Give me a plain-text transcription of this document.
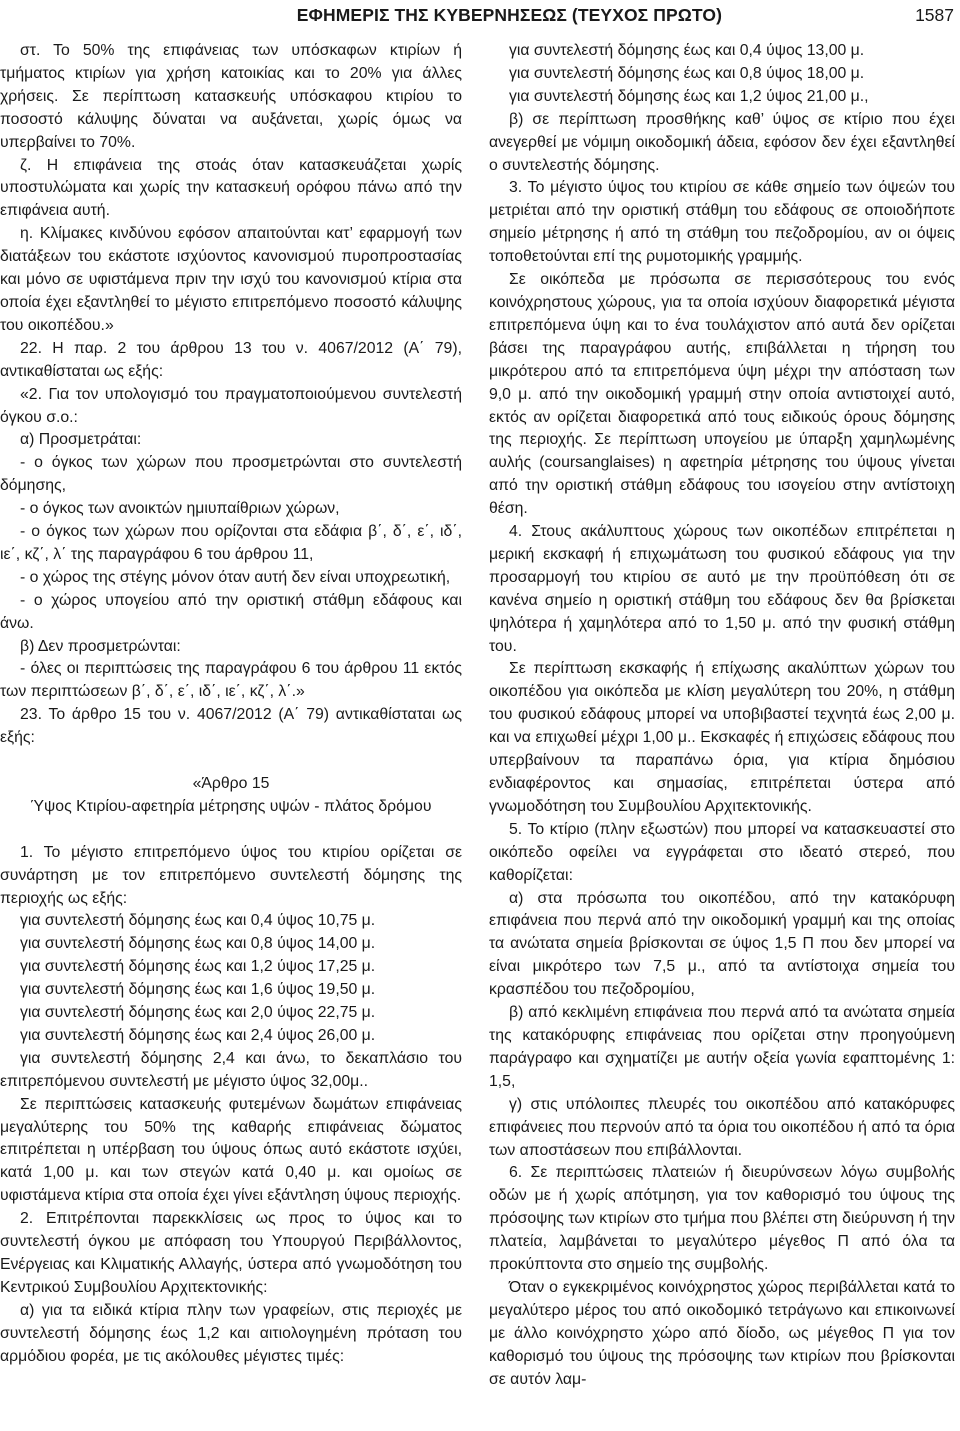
ΕΦΗΜΕΡΙΣ ΤΗΣ ΚΥΒΕΡΝΗΣΕΩΣ (ΤΕΥΧΟΣ ΠΡΩΤΟ)	1587

στ. Το 50% της επιφάνειας των υπόσκαφων κτιρίων ή τμήματος κτιρίων για χρήση κατοικίας και το 20% για άλλες χρήσεις. Σε περίπτωση κατασκευής υπόσκαφου κτιρίου το ποσοστό κάλυψης δύναται να αυξάνεται, χωρίς όμως να υπερβαίνει το 70%.

ζ. Η επιφάνεια της στοάς όταν κατασκευάζεται χωρίς υποστυλώματα και χωρίς την κατασκευή ορόφου πάνω από την επιφάνεια αυτή.

η. Κλίμακες κινδύνου εφόσον απαιτούνται κατ’ εφαρμογή των διατάξεων του εκάστοτε ισχύοντος κανονισμού πυροπροστασίας και μόνο σε υφιστάμενα πριν την ισχύ του κανονισμού κτίρια στα οποία έχει εξαντληθεί το μέγιστο επιτρεπόμενο ποσοστό κάλυψης του οικοπέδου.»

22. Η παρ. 2 του άρθρου 13 του ν. 4067/2012 (Α΄ 79), αντικαθίσταται ως εξής:

«2. Για τον υπολογισμό του πραγματοποιούμενου συντελεστή όγκου σ.ο.:

α) Προσμετράται:

- ο όγκος των χώρων που προσμετρώνται στο συντελεστή δόμησης,

- ο όγκος των ανοικτών ημιυπαίθριων χώρων,

- ο όγκος των χώρων που ορίζονται στα εδάφια β΄, δ΄, ε΄, ιδ΄, ιε΄, κζ΄, λ΄ της παραγράφου 6 του άρθρου 11,

- ο χώρος της στέγης μόνον όταν αυτή δεν είναι υποχρεωτική,

- ο χώρος υπογείου από την οριστική στάθμη εδάφους και άνω.

β) Δεν προσμετρώνται:

- όλες οι περιπτώσεις της παραγράφου 6 του άρθρου 11 εκτός των περιπτώσεων β΄, δ΄, ε΄, ιδ΄, ιε΄, κζ΄, λ΄.»

23. Το άρθρο 15 του ν. 4067/2012 (Α΄ 79) αντικαθίσταται ως εξής:

«Άρθρο 15

Ύψος Κτιρίου-αφετηρία μέτρησης υψών - πλάτος δρόμου

1. Το μέγιστο επιτρεπόμενο ύψος του κτιρίου ορίζεται σε συνάρτηση με τον επιτρεπόμενο συντελεστή δόμησης της περιοχής ως εξής:

για συντελεστή δόμησης έως και 0,4 ύψος 10,75 μ.

για συντελεστή δόμησης έως και 0,8 ύψος 14,00 μ.

για συντελεστή δόμησης έως και 1,2 ύψος 17,25 μ.

για συντελεστή δόμησης έως και 1,6 ύψος 19,50 μ.

για συντελεστή δόμησης έως και 2,0 ύψος 22,75 μ.

για συντελεστή δόμησης έως και 2,4 ύψος 26,00 μ.

για συντελεστή δόμησης 2,4 και άνω, το δεκαπλάσιο του επιτρεπόμενου συντελεστή με μέγιστο ύψος 32,00μ..

Σε περιπτώσεις κατασκευής φυτεμένων δωμάτων επιφάνειας μεγαλύτερης του 50% της καθαρής επιφάνειας δώματος επιτρέπεται η υπέρβαση του ύψους όπως αυτό εκάστοτε ισχύει, κατά 1,00 μ. και των στεγών κατά 0,40 μ. και ομοίως σε υφιστάμενα κτίρια στα οποία έχει γίνει εξάντληση ύψους περιοχής.

2. Επιτρέπονται παρεκκλίσεις ως προς το ύψος και το συντελεστή όγκου με απόφαση του Υπουργού Περιβάλλοντος, Ενέργειας και Κλιματικής Αλλαγής, ύστερα από γνωμοδότηση του Κεντρικού Συμβουλίου Αρχιτεκτονικής:

α) για τα ειδικά κτίρια πλην των γραφείων, στις περιοχές με συντελεστή δόμησης έως 1,2 και αιτιολογημένη πρόταση του αρμόδιου φορέα, με τις ακόλουθες μέγιστες τιμές:

για συντελεστή δόμησης έως και 0,4 ύψος 13,00 μ.

για συντελεστή δόμησης έως και 0,8 ύψος 18,00 μ.

για συντελεστή δόμησης έως και 1,2 ύψος 21,00 μ.,

β) σε περίπτωση προσθήκης καθ’ ύψος σε κτίριο που έχει ανεγερθεί με νόμιμη οικοδομική άδεια, εφόσον δεν έχει εξαντληθεί ο συντελεστής δόμησης.

3. Το μέγιστο ύψος του κτιρίου σε κάθε σημείο των όψεών του μετριέται από την οριστική στάθμη του εδάφους σε οποιοδήποτε σημείο μέτρησης ή από τη στάθμη του πεζοδρομίου, αν οι όψεις τοποθετούνται επί της ρυμοτομικής γραμμής.

Σε οικόπεδα με πρόσωπα σε περισσότερους του ενός κοινόχρηστους χώρους, για τα οποία ισχύουν διαφορετικά μέγιστα επιτρεπόμενα ύψη και το ένα τουλάχιστον από αυτά δεν ορίζεται βάσει της παραγράφου αυτής, επιβάλλεται η τήρηση του μικρότερου από τα επιτρεπόμενα ύψη μέχρι την απόσταση των 9,0 μ. από την οικοδομική γραμμή στην οποία αντιστοιχεί αυτό, εκτός αν ορίζεται διαφορετικά από τους ειδικούς όρους δόμησης της περιοχής. Σε περίπτωση υπογείου με ύπαρξη χαμηλωμένης αυλής (coursanglaises) η αφετηρία μέτρησης του ύψους γίνεται από την οριστική στάθμη εδάφους του ισογείου στην αντίστοιχη θέση.

4. Στους ακάλυπτους χώρους των οικοπέδων επιτρέπεται η μερική εκσκαφή ή επιχωμάτωση του φυσικού εδάφους για την προσαρμογή του κτιρίου σε αυτό με την προϋπόθεση ότι σε κανένα σημείο η οριστική στάθμη του εδάφους δεν θα βρίσκεται ψηλότερα ή χαμηλότερα από το 1,50 μ. από την φυσική στάθμη του.

Σε περίπτωση εκσκαφής ή επίχωσης ακαλύπτων χώρων του οικοπέδου για οικόπεδα με κλίση μεγαλύτερη του 20%, η στάθμη του φυσικού εδάφους μπορεί να υποβιβαστεί τεχνητά έως 2,00 μ. και να επιχωθεί μέχρι 1,00 μ.. Εκσκαφές ή επιχώσεις εδάφους που υπερβαίνουν τα παραπάνω όρια, για κτίρια δημόσιου ενδιαφέροντος και σημασίας, επιτρέπεται ύστερα από γνωμοδότηση του Συμβουλίου Αρχιτεκτονικής.

5. Το κτίριο (πλην εξωστών) που μπορεί να κατασκευαστεί στο οικόπεδο οφείλει να εγγράφεται στο ιδεατό στερεό, που καθορίζεται:

α) στα πρόσωπα του οικοπέδου, από την κατακόρυφη επιφάνεια που περνά από την οικοδομική γραμμή και της οποίας τα ανώτατα σημεία βρίσκονται σε ύψος 1,5 Π που δεν μπορεί να είναι μικρότερο των 7,5 μ., από τα αντίστοιχα σημεία του κρασπέδου του πεζοδρομίου,

β) από κεκλιμένη επιφάνεια που περνά από τα ανώτατα σημεία της κατακόρυφης επιφάνειας που ορίζεται στην προηγούμενη παράγραφο και σχηματίζει με αυτήν οξεία γωνία εφαπτομένης 1: 1,5,

γ) στις υπόλοιπες πλευρές του οικοπέδου από κατακόρυφες επιφάνειες που περνούν από τα όρια του οικοπέδου ή από τα όρια των αποστάσεων που επιβάλλονται.

6. Σε περιπτώσεις πλατειών ή διευρύνσεων λόγω συμβολής οδών με ή χωρίς απότμηση, για τον καθορισμό του ύψους της πρόσοψης των κτιρίων στο τμήμα που βλέπει στη διεύρυνση ή την πλατεία, λαμβάνεται το μεγαλύτερο μέγεθος Π από όλα τα προκύπτοντα στο σημείο της συμβολής.

Όταν ο εγκεκριμένος κοινόχρηστος χώρος περιβάλλεται κατά το μεγαλύτερο μέρος του από οικοδομικό τετράγωνο και επικοινωνεί με άλλο κοινόχρηστο χώρο από δίοδο, ως μέγεθος Π για τον καθορισμό του ύψους της πρόσοψης των κτιρίων που βρίσκονται σε αυτόν λαμ-
